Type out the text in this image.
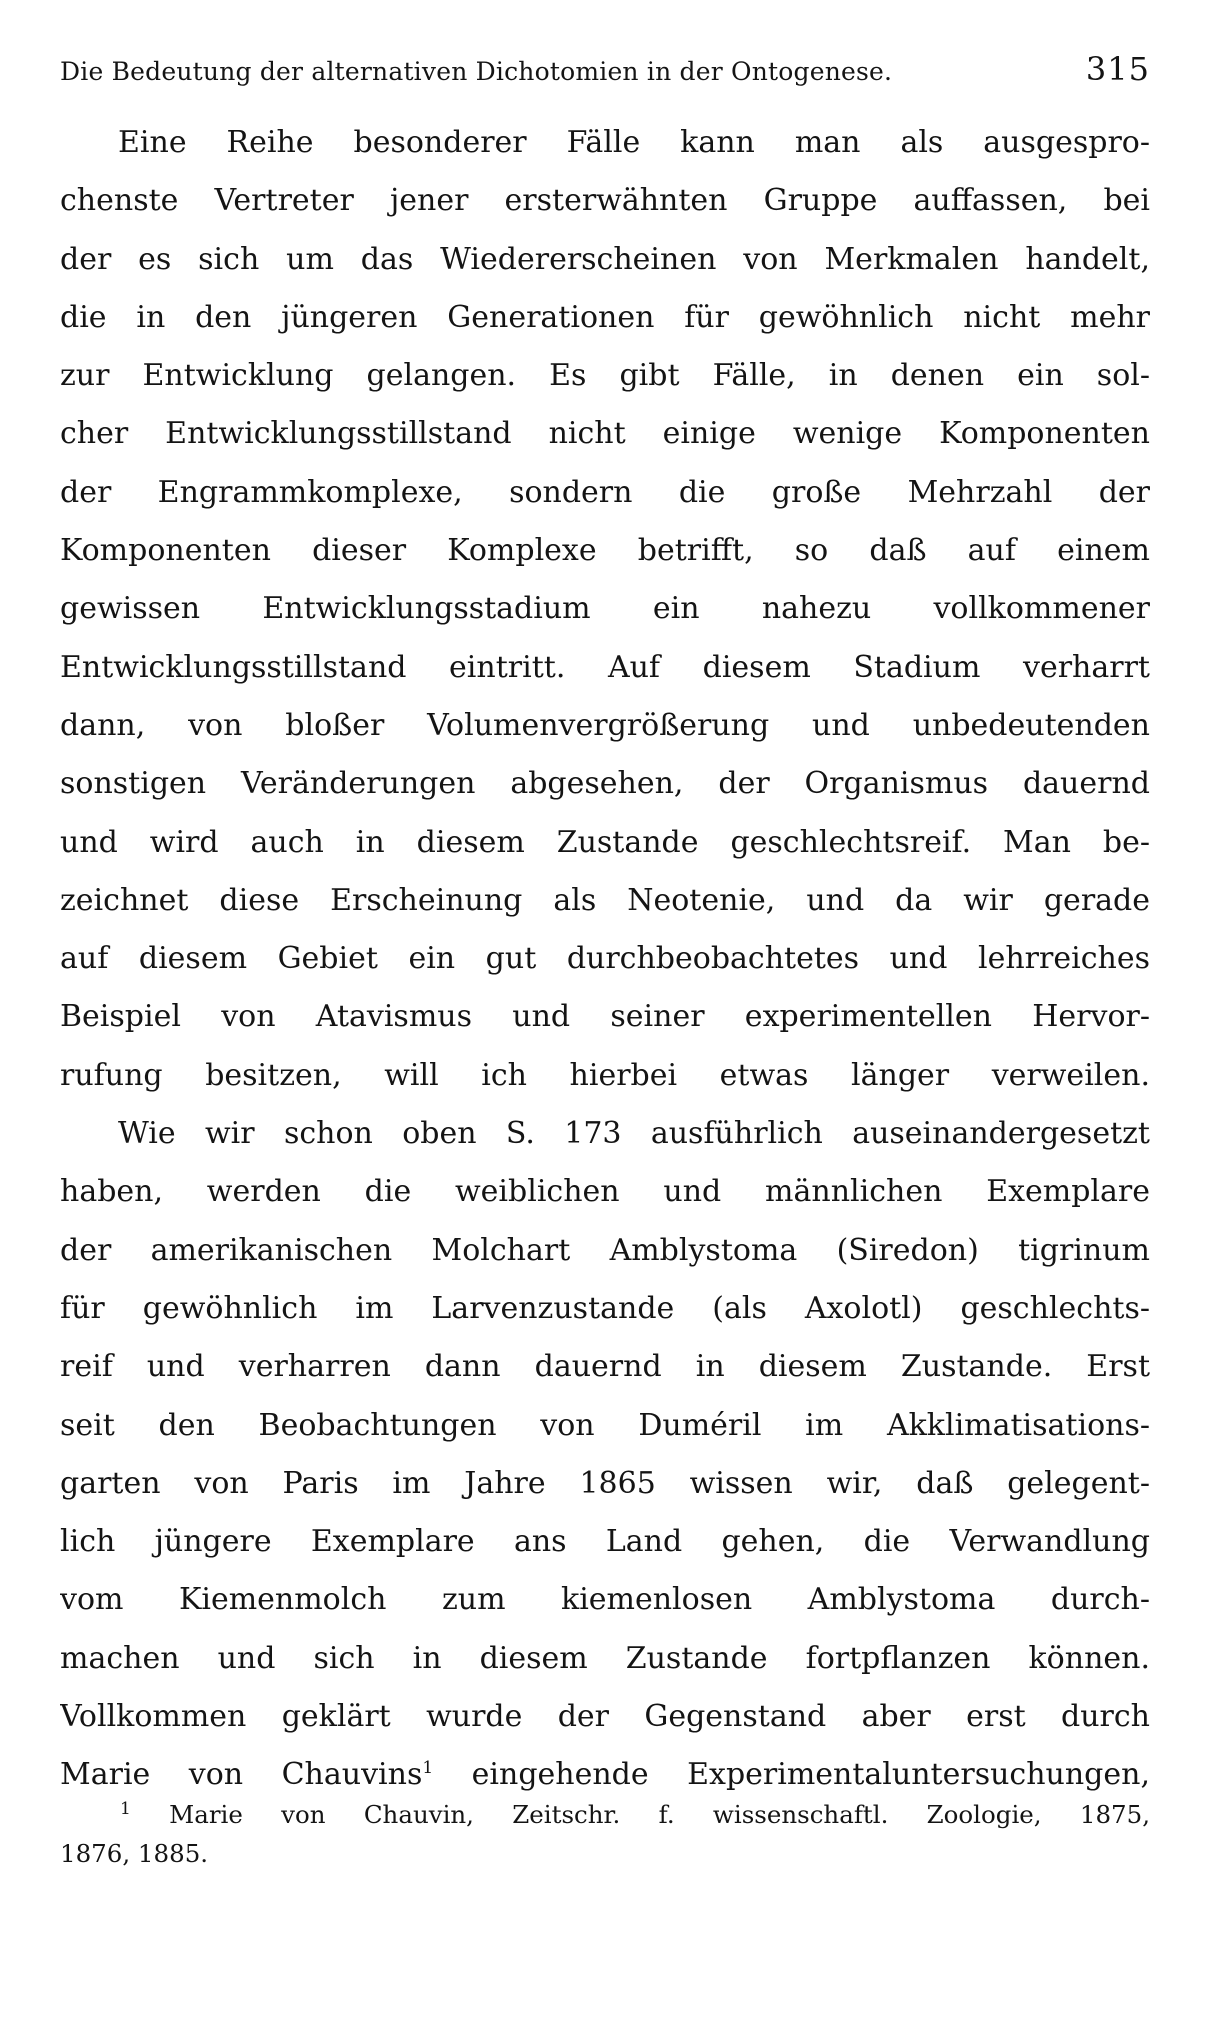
Die Bedeutung der alternativen Dichotomien in der Ontogenese.	315
Eine Reihe besonderer Fälle kann man als ausgespro-
chenste Vertreter jener ersterwähnten Gruppe auffassen, bei
der es sich um das Wiedererscheinen von Merkmalen handelt,
die in den jüngeren Generationen für gewöhnlich nicht mehr
zur Entwicklung gelangen. Es gibt Fälle, in denen ein sol-
cher Entwicklungsstillstand nicht einige wenige Komponenten
der Engrammkomplexe, sondern die große Mehrzahl der
Komponenten dieser Komplexe betrifft, so daß auf einem
gewissen Entwicklungsstadium ein nahezu vollkommener
Entwicklungsstillstand eintritt. Auf diesem Stadium verharrt
dann, von bloßer Volumenvergrößerung und unbedeutenden
sonstigen Veränderungen abgesehen, der Organismus dauernd
und wird auch in diesem Zustande geschlechtsreif. Man be-
zeichnet diese Erscheinung als Neotenie, und da wir gerade
auf diesem Gebiet ein gut durchbeobachtetes und lehrreiches
Beispiel von Atavismus und seiner experimentellen Hervor-
rufung besitzen, will ich hierbei etwas länger verweilen.
Wie wir schon oben S. 173 ausführlich auseinandergesetzt
haben, werden die weiblichen und männlichen Exemplare
der amerikanischen Molchart Amblystoma (Siredon) tigrinum
für gewöhnlich im Larvenzustande (als Axolotl) geschlechts-
reif und verharren dann dauernd in diesem Zustande. Erst
seit den Beobachtungen von Duméril im Akklimatisations-
garten von Paris im Jahre 1865 wissen wir, daß gelegent-
lich jüngere Exemplare ans Land gehen, die Verwandlung
vom Kiemenmolch zum kiemenlosen Amblystoma durch-
machen und sich in diesem Zustande fortpflanzen können.
Vollkommen geklärt wurde der Gegenstand aber erst durch
Marie von Chauvins$^1$ eingehende Experimentaluntersuchungen,
$^1$ Marie von Chauvin, Zeitschr. f. wissenschaftl. Zoologie, 1875,
1876, 1885.
